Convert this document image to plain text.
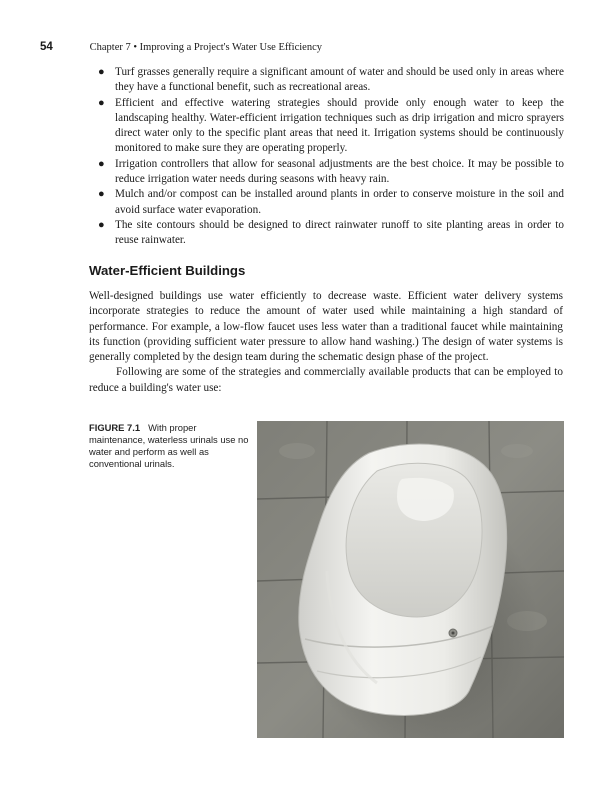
54	Chapter 7 • Improving a Project's Water Use Efficiency
● Turf grasses generally require a significant amount of water and should be used only in areas where they have a functional benefit, such as recreational areas.
● Efficient and effective watering strategies should provide only enough water to keep the landscaping healthy. Water-efficient irrigation techniques such as drip irrigation and micro sprayers direct water only to the specific plant areas that need it. Irrigation systems should be continuously monitored to make sure they are operating properly.
● Irrigation controllers that allow for seasonal adjustments are the best choice. It may be possible to reduce irrigation water needs during seasons with heavy rain.
● Mulch and/or compost can be installed around plants in order to conserve moisture in the soil and avoid surface water evaporation.
● The site contours should be designed to direct rainwater runoff to site planting areas in order to reuse rainwater.
Water-Efficient Buildings

Well-designed buildings use water efficiently to decrease waste. Efficient water delivery systems incorporate strategies to reduce the amount of water used while maintaining a high standard of performance. For example, a low-flow faucet uses less water than a traditional faucet while maintaining its function (providing sufficient water pressure to allow hand washing.) The design of water systems is generally completed by the design team during the schematic design phase of the project.

Following are some of the strategies and commercially available products that can be employed to reduce a building's water use:

FIGURE 7.1 With proper maintenance, waterless urinals use no water and perform as well as conventional urinals.
